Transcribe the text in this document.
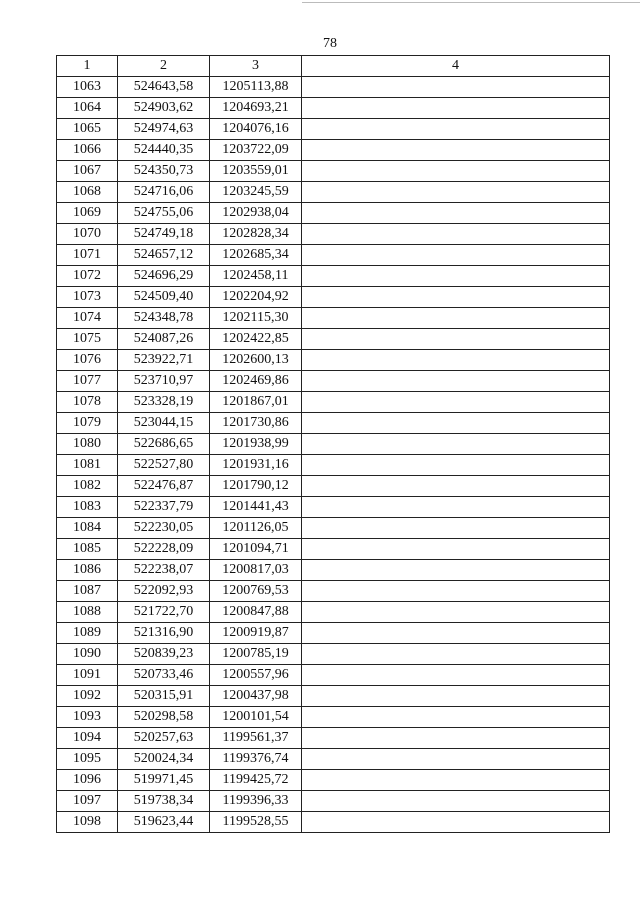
78
1	2	3	4
1063	524643,58	1205113,88	
1064	524903,62	1204693,21	
1065	524974,63	1204076,16	
1066	524440,35	1203722,09	
1067	524350,73	1203559,01	
1068	524716,06	1203245,59	
1069	524755,06	1202938,04	
1070	524749,18	1202828,34	
1071	524657,12	1202685,34	
1072	524696,29	1202458,11	
1073	524509,40	1202204,92	
1074	524348,78	1202115,30	
1075	524087,26	1202422,85	
1076	523922,71	1202600,13	
1077	523710,97	1202469,86	
1078	523328,19	1201867,01	
1079	523044,15	1201730,86	
1080	522686,65	1201938,99	
1081	522527,80	1201931,16	
1082	522476,87	1201790,12	
1083	522337,79	1201441,43	
1084	522230,05	1201126,05	
1085	522228,09	1201094,71	
1086	522238,07	1200817,03	
1087	522092,93	1200769,53	
1088	521722,70	1200847,88	
1089	521316,90	1200919,87	
1090	520839,23	1200785,19	
1091	520733,46	1200557,96	
1092	520315,91	1200437,98	
1093	520298,58	1200101,54	
1094	520257,63	1199561,37	
1095	520024,34	1199376,74	
1096	519971,45	1199425,72	
1097	519738,34	1199396,33	
1098	519623,44	1199528,55	
